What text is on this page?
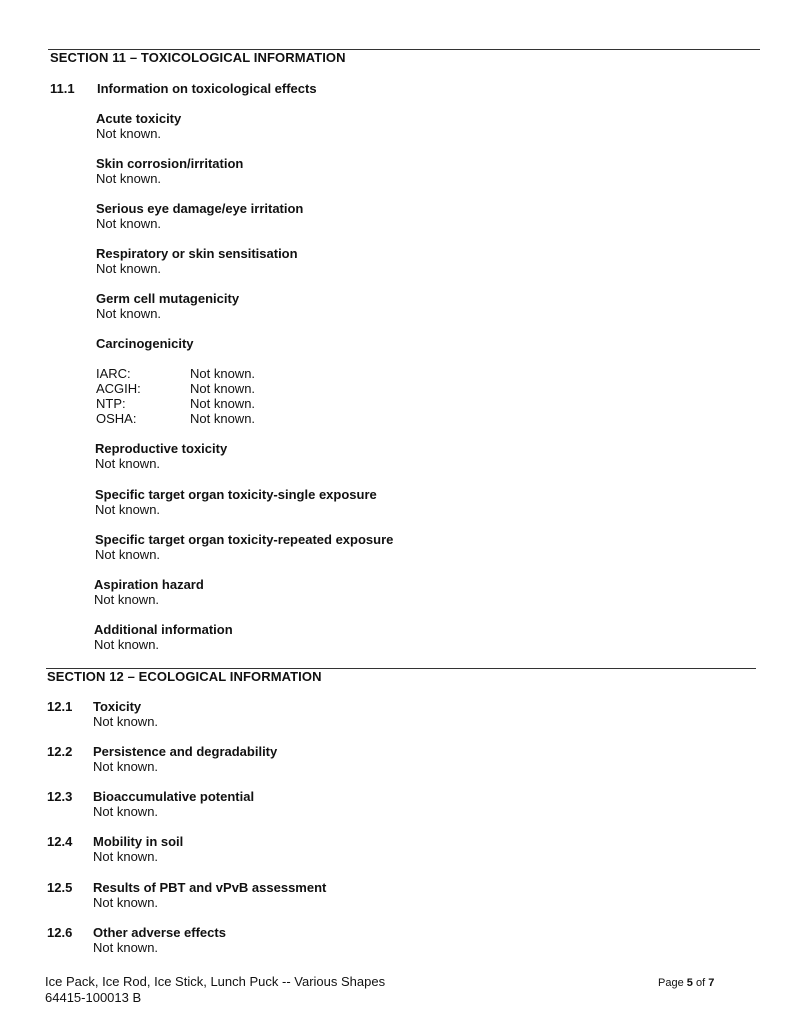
SECTION 11 – TOXICOLOGICAL INFORMATION
11.1 Information on toxicological effects
Acute toxicity
Not known.
Skin corrosion/irritation
Not known.
Serious eye damage/eye irritation
Not known.
Respiratory or skin sensitisation
Not known.
Germ cell mutagenicity
Not known.
Carcinogenicity
IARC:	Not known.
ACGIH:	Not known.
NTP:	Not known.
OSHA:	Not known.
Reproductive toxicity
Not known.
Specific target organ toxicity-single exposure
Not known.
Specific target organ toxicity-repeated exposure
Not known.
Aspiration hazard
Not known.
Additional information
Not known.
SECTION 12 – ECOLOGICAL INFORMATION
12.1 Toxicity
Not known.
12.2 Persistence and degradability
Not known.
12.3 Bioaccumulative potential
Not known.
12.4 Mobility in soil
Not known.
12.5 Results of PBT and vPvB assessment
Not known.
12.6 Other adverse effects
Not known.
Ice Pack, Ice Rod, Ice Stick, Lunch Puck -- Various Shapes
64415-100013 B
Page 5 of 7
